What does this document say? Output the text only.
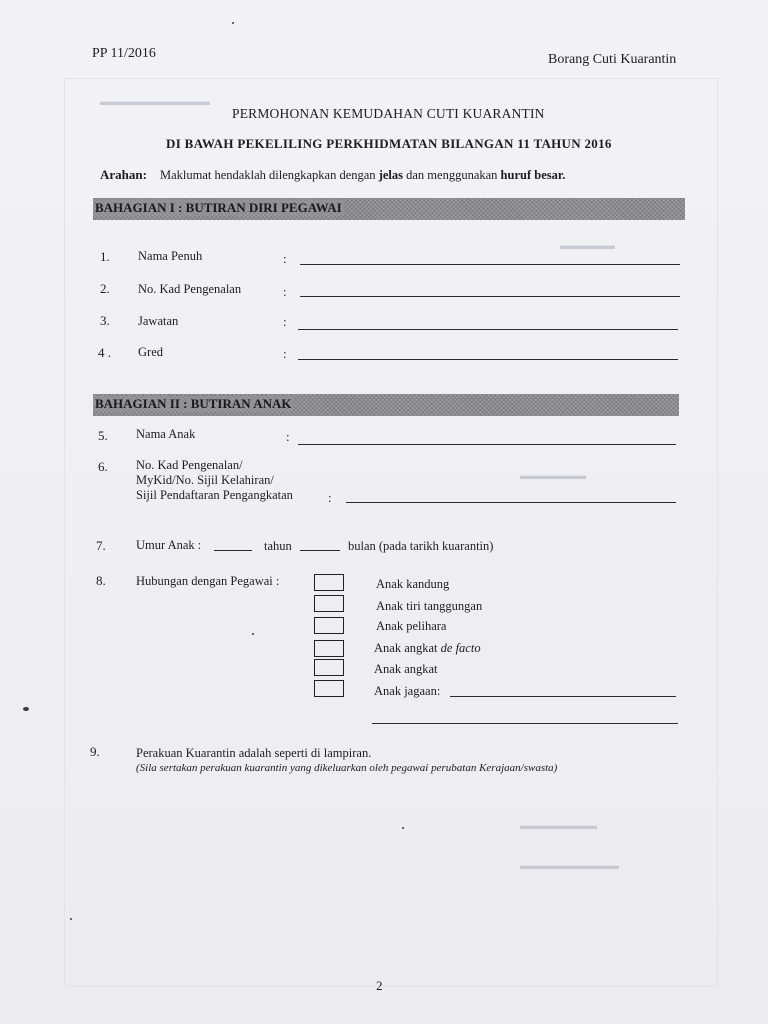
▬▬▬▬▬▬▬▬▬▬
▬▬▬▬▬
▬▬▬▬▬▬
▬▬▬▬▬▬▬
▬▬▬▬▬▬▬▬▬
PP 11/2016	Borang Cuti Kuarantin
PERMOHONAN KEMUDAHAN CUTI KUARANTIN
DI BAWAH PEKELILING PERKHIDMATAN BILANGAN 11 TAHUN 2016
Arahan: Maklumat hendaklah dilengkapkan dengan jelas dan menggunakan huruf besar.
BAHAGIAN I : BUTIRAN DIRI PEGAWAI
1. Nama Penuh	:
2. No. Kad Pengenalan	:
3. Jawatan	:
4 . Gred	:
BAHAGIAN II : BUTIRAN ANAK
5. Nama Anak	:
6. No. Kad Pengenalan/
MyKid/No. Sijil Kelahiran/
Sijil Pendaftaran Pengangkatan	:
7. Umur Anak :	tahun	bulan (pada tarikh kuarantin)
8. Hubungan dengan Pegawai :	Anak kandung
Anak tiri tanggungan
Anak pelihara
Anak angkat de facto
Anak angkat
Anak jagaan:
9.	Perakuan Kuarantin adalah seperti di lampiran.
(Sila sertakan perakuan kuarantin yang dikeluarkan oleh pegawai perubatan Kerajaan/swasta)
2
